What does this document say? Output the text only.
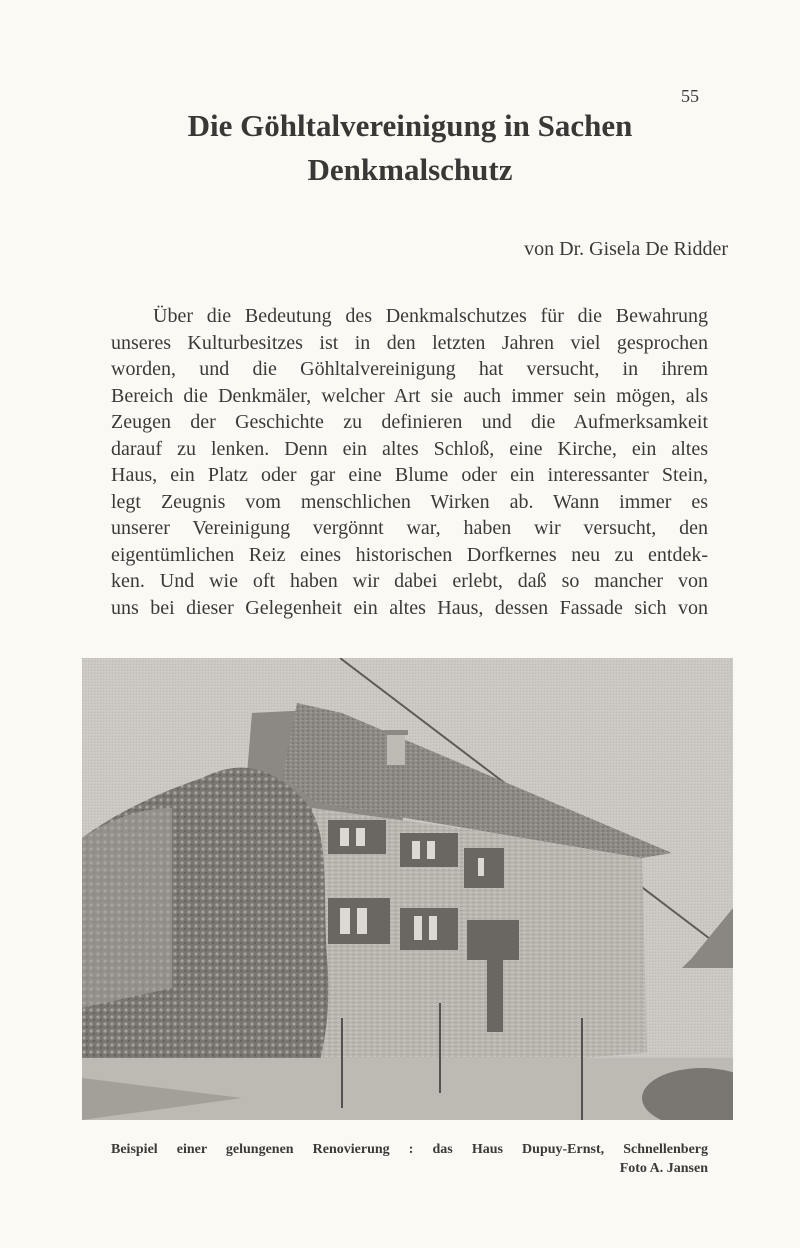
55
Die Göhltalvereinigung in Sachen
Denkmalschutz
von Dr. Gisela De Ridder

Über die Bedeutung des Denkmalschutzes für die Bewahrung
unseres Kulturbesitzes ist in den letzten Jahren viel gesprochen
worden, und die Göhltalvereinigung hat versucht, in ihrem
Bereich die Denkmäler, welcher Art sie auch immer sein mögen, als
Zeugen der Geschichte zu definieren und die Aufmerksamkeit
darauf zu lenken. Denn ein altes Schloß, eine Kirche, ein altes
Haus, ein Platz oder gar eine Blume oder ein interessanter Stein,
legt Zeugnis vom menschlichen Wirken ab. Wann immer es
unserer Vereinigung vergönnt war, haben wir versucht, den
eigentümlichen Reiz eines historischen Dorfkernes neu zu entdek-
ken. Und wie oft haben wir dabei erlebt, daß so mancher von
uns bei dieser Gelegenheit ein altes Haus, dessen Fassade sich von

Beispiel einer gelungenen Renovierung : das Haus Dupuy-Ernst, Schnellenberg
Foto A. Jansen
